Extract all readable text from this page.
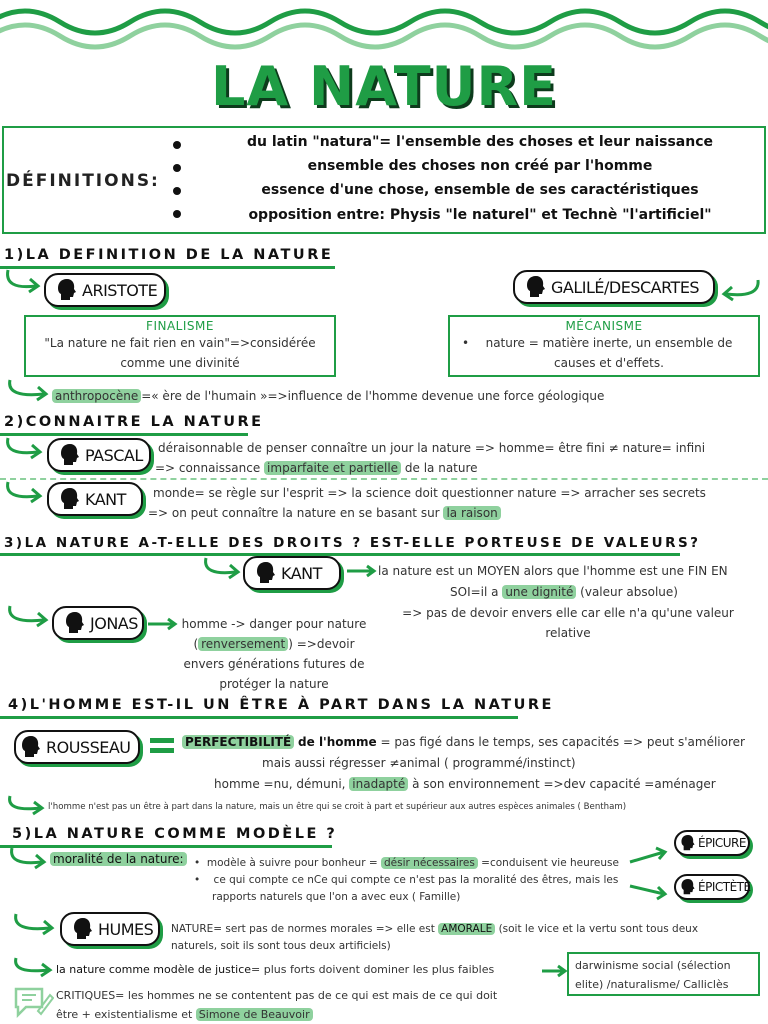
LA NATURE
DÉFINITIONS:
du latin "natura"= l'ensemble des choses et leur naissance
ensemble des choses non créé par l'homme
essence d'une chose, ensemble de ses caractéristiques
opposition entre: Physis "le naturel" et Technè "l'artificiel"
1)LA DEFINITION DE LA NATURE
ARISTOTE	GALILÉ/DESCARTES
FINALISME
"La nature ne fait rien en vain"=>considérée comme une divinité
MÉCANISME
• nature = matière inerte, un ensemble de causes et d'effets.
anthropocène =« ère de l'humain »=>influence de l'homme devenue une force géologique
2)CONNAITRE LA NATURE
PASCAL déraisonnable de penser connaître un jour la nature => homme= être fini ≠ nature= infini
=> connaissance imparfaite et partielle de la nature
KANT monde= se règle sur l'esprit => la science doit questionner nature => arracher ses secrets
=> on peut connaître la nature en se basant sur la raison
3)LA NATURE A-T-ELLE DES DROITS ? EST-ELLE PORTEUSE DE VALEURS?
KANT	la nature est un MOYEN alors que l'homme est une FIN EN
SOI=il a une dignité (valeur absolue)
=> pas de devoir envers elle car elle n'a qu'une valeur relative
JONAS	homme -> danger pour nature
( renversement ) =>devoir
envers générations futures de protéger la nature
4)L'HOMME EST-IL UN ÊTRE À PART DANS LA NATURE
ROUSSEAU	PERFECTIBILITÉ de l'homme = pas figé dans le temps, ses capacités => peut s'améliorer
mais aussi régresser ≠animal ( programmé/instinct)
homme =nu, démuni, inadapté à son environnement =>dev capacité =aménager
l'homme n'est pas un être à part dans la nature, mais un être qui se croit à part et supérieur aux autres espèces animales ( Bentham)
5)LA NATURE COMME MODÈLE ?
moralité de la nature: •  modèle à suivre pour bonheur = désir nécessaires =conduisent vie heureuse
•    ce qui compte ce nCe qui compte ce n'est pas la moralité des êtres, mais les rapports naturels que l'on a avec eux ( Famille)
ÉPICURE
ÉPICTÈTE
HUMES NATURE= sert pas de normes morales => elle est AMORALE (soit le vice et la vertu sont tous deux
naturels, soit ils sont tous deux artificiels)
la nature comme modèle de justice= plus forts doivent dominer les plus faibles	darwinisme social (sélection elite) /naturalisme/ Calliclès
CRITIQUES= les hommes ne se contentent pas de ce qui est mais de ce qui doit
être + existentialisme et Simone de Beauvoir
